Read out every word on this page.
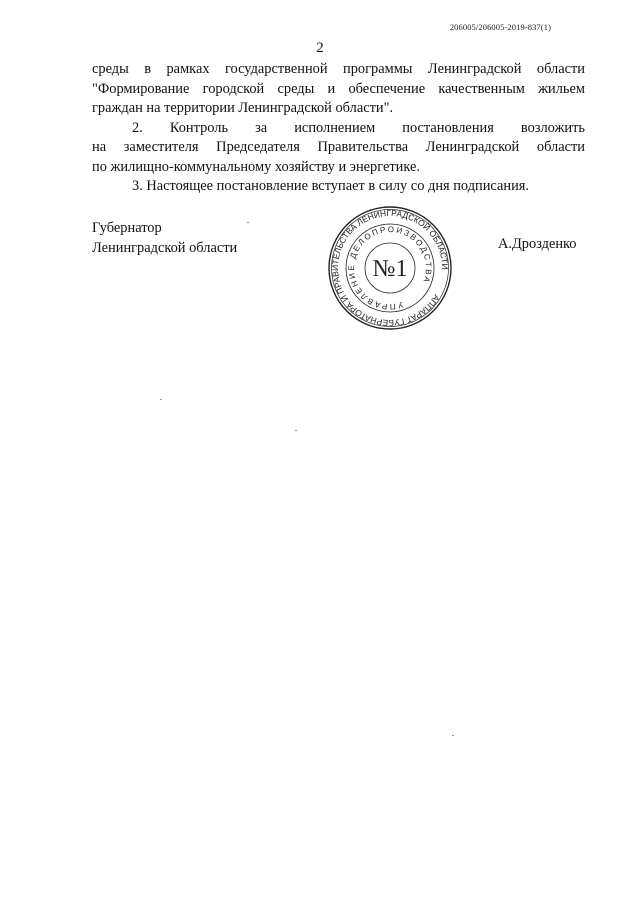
206005/206005-2019-837(1)
2

среды в рамках государственной программы Ленинградской области

"Формирование городской среды и обеспечение качественным жильем

граждан на территории Ленинградской области".

2. Контроль за исполнением постановления возложить

на заместителя Председателя Правительства Ленинградской области

по жилищно-коммунальному хозяйству и энергетике.

3. Настоящее постановление вступает в силу со дня подписания.

Губернатор
Ленинградской области
АППАРАТ ГУБЕРНАТОРА И ПРАВИТЕЛЬСТВА ЛЕНИНГРАДСКОЙ ОБЛАСТИ
УПРАВЛЕНИЕ ДЕЛОПРОИЗВОДСТВА
№1
А.Дрозденко
